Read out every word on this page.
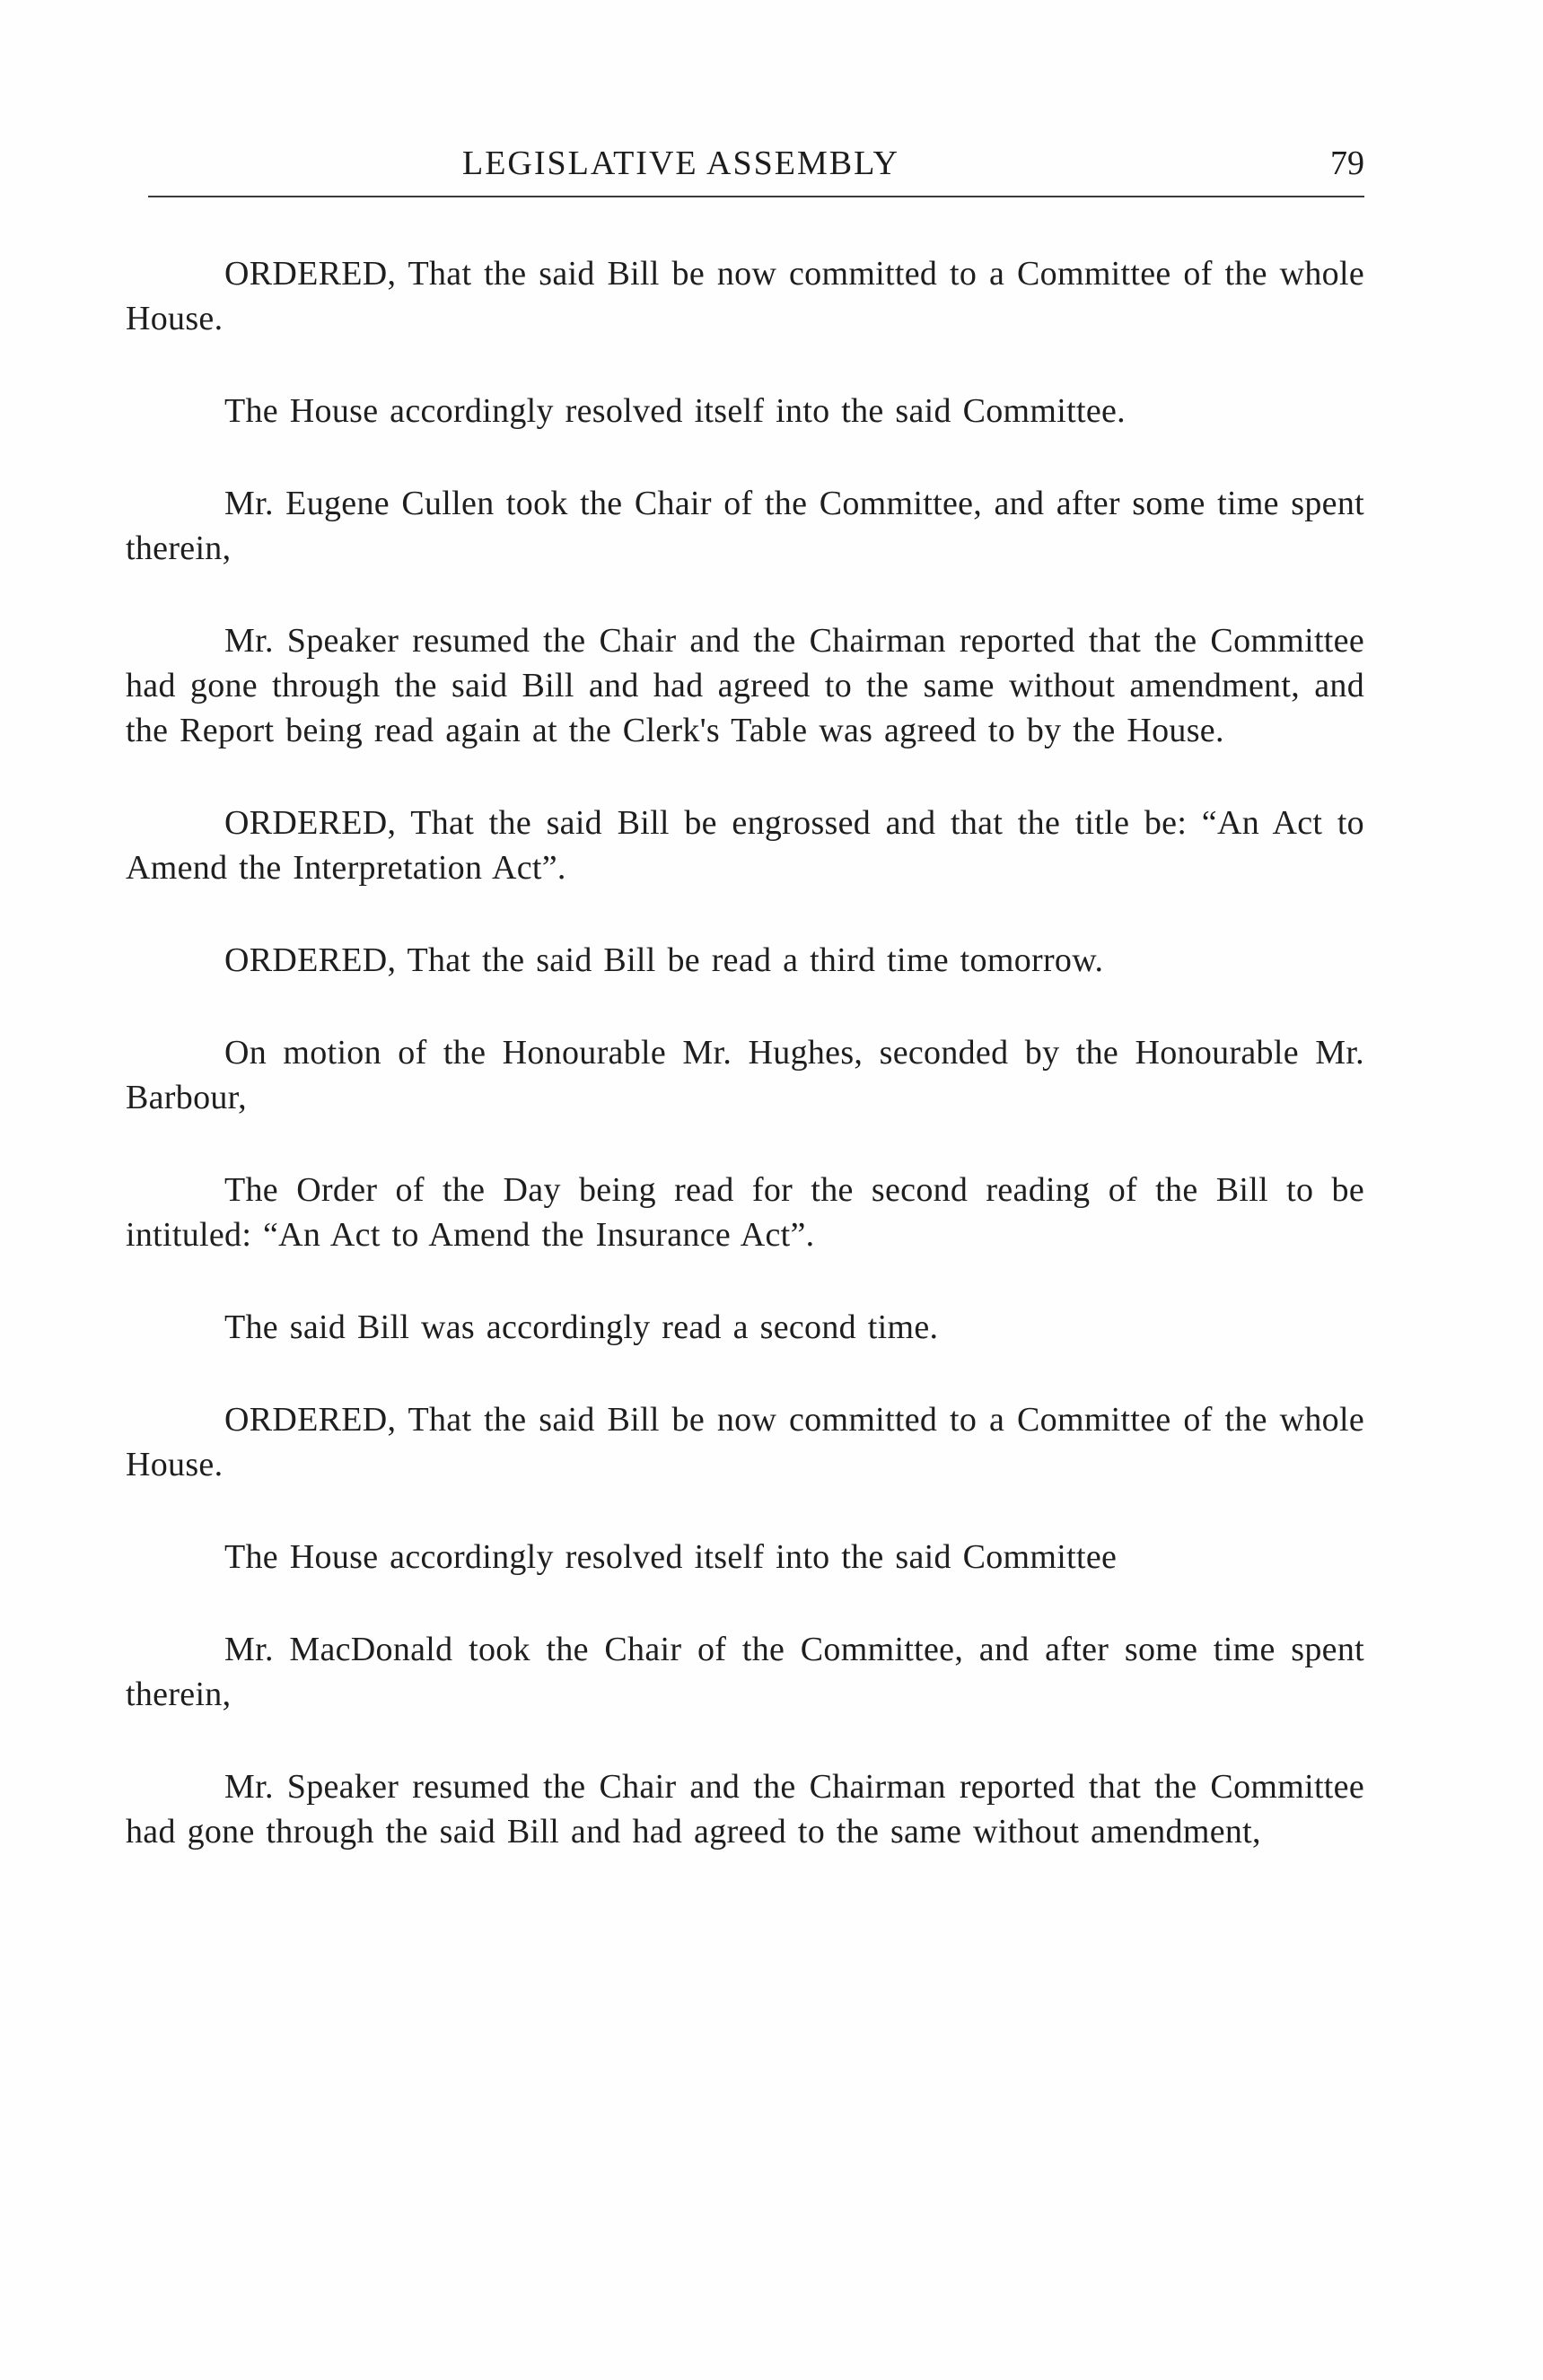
LEGISLATIVE ASSEMBLY	79

ORDERED, That the said Bill be now committed to a Committee of the whole House.

The House accordingly resolved itself into the said Committee.

Mr. Eugene Cullen took the Chair of the Committee, and after some time spent therein,

Mr. Speaker resumed the Chair and the Chairman reported that the Committee had gone through the said Bill and had agreed to the same without amendment, and the Report being read again at the Clerk's Table was agreed to by the House.

ORDERED, That the said Bill be engrossed and that the title be: “An Act to Amend the Interpretation Act”.

ORDERED, That the said Bill be read a third time tomorrow.

On motion of the Honourable Mr. Hughes, seconded by the Honourable Mr. Barbour,

The Order of the Day being read for the second reading of the Bill to be intituled: “An Act to Amend the Insurance Act”.

The said Bill was accordingly read a second time.

ORDERED, That the said Bill be now committed to a Committee of the whole House.

The House accordingly resolved itself into the said Committee

Mr. MacDonald took the Chair of the Committee, and after some time spent therein,

Mr. Speaker resumed the Chair and the Chairman reported that the Committee had gone through the said Bill and had agreed to the same without amendment,
